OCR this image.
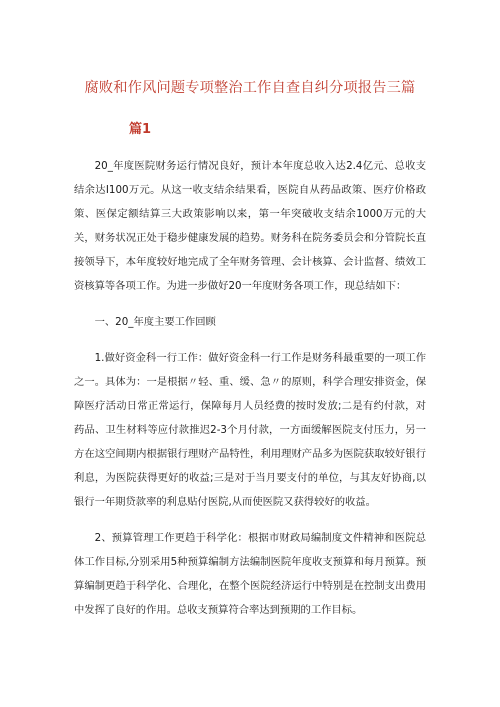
腐败和作风问题专项整治工作自查自纠分项报告三篇
篇1

20_年度医院财务运行情况良好，预计本年度总收入达2.4亿元、总收支结余达I100万元。从这一收支结余结果看，医院自从药品政策、医疗价格政策、医保定额结算三大政策影响以来，第一年突破收支结余1000万元的大关，财务状况正处于稳步健康发展的趋势。财务科在院务委员会和分管院长直接领导下，本年度较好地完成了全年财务管理、会计核算、会计监督、绩效工资核算等各项工作。为进一步做好20一年度财务各项工作，现总结如下：

一、20_年度主要工作回顾

1.做好资金科一行工作：做好资金科一行工作是财务科最重要的一项工作之一。具体为：一是根据〃轻、重、缓、急〃的原则，科学合理安排资金，保障医疗活动日常正常运行，保障每月人员经费的按时发放;二是有约付款，对药品、卫生材料等应付款推迟2-3个月付款，一方面缓解医院支付压力，另一方在这空间期内根据银行理财产品特性，利用理财产品多为医院获取较好银行利息，为医院获得更好的收益;三是对于当月要支付的单位，与其友好协商,以银行一年期贷款率的利息贴付医院,从而使医院又获得较好的收益。

2、预算管理工作更趋于科学化：根据市财政局编制度文件精神和医院总体工作目标,分别采用5种预算编制方法编制医院年度收支预算和每月预算。预算编制更趋于科学化、合理化，在整个医院经济运行中特别是在控制支出费用中发挥了良好的作用。总收支预算符合率达到预期的工作目标。
